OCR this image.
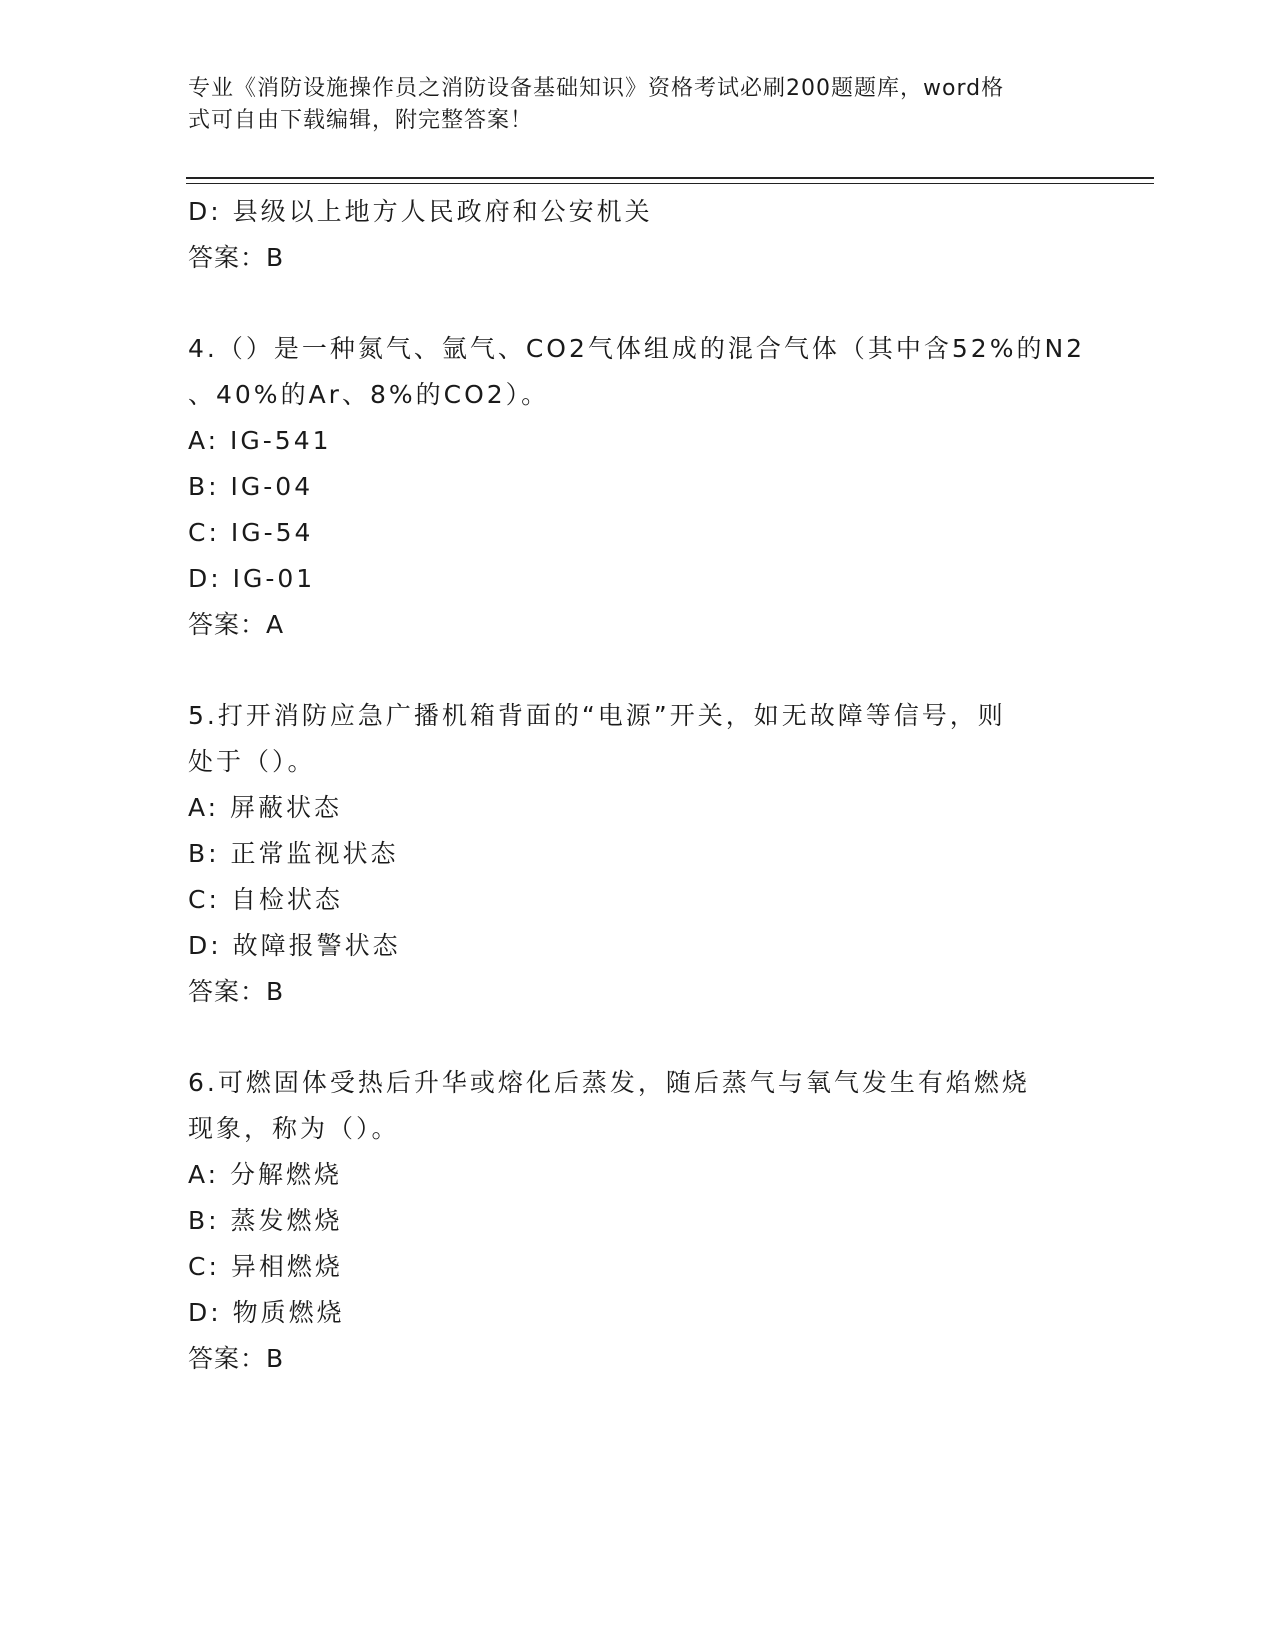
专业《消防设施操作员之消防设备基础知识》资格考试必刷200题题库，word格
式可自由下载编辑，附完整答案！
D: 县级以上地方人民政府和公安机关
答案：B
4.（）是一种氮气、氩气、CO2气体组成的混合气体（其中含52%的N2
、40%的Ar、8%的CO2）。
A: IG-541
B: IG-04
C: IG-54
D: IG-01
答案：A
5.打开消防应急广播机箱背面的“电源”开关，如无故障等信号，则
处于（）。
A: 屏蔽状态
B: 正常监视状态
C: 自检状态
D: 故障报警状态
答案：B
6.可燃固体受热后升华或熔化后蒸发，随后蒸气与氧气发生有焰燃烧
现象，称为（）。
A: 分解燃烧
B: 蒸发燃烧
C: 异相燃烧
D: 物质燃烧
答案：B
